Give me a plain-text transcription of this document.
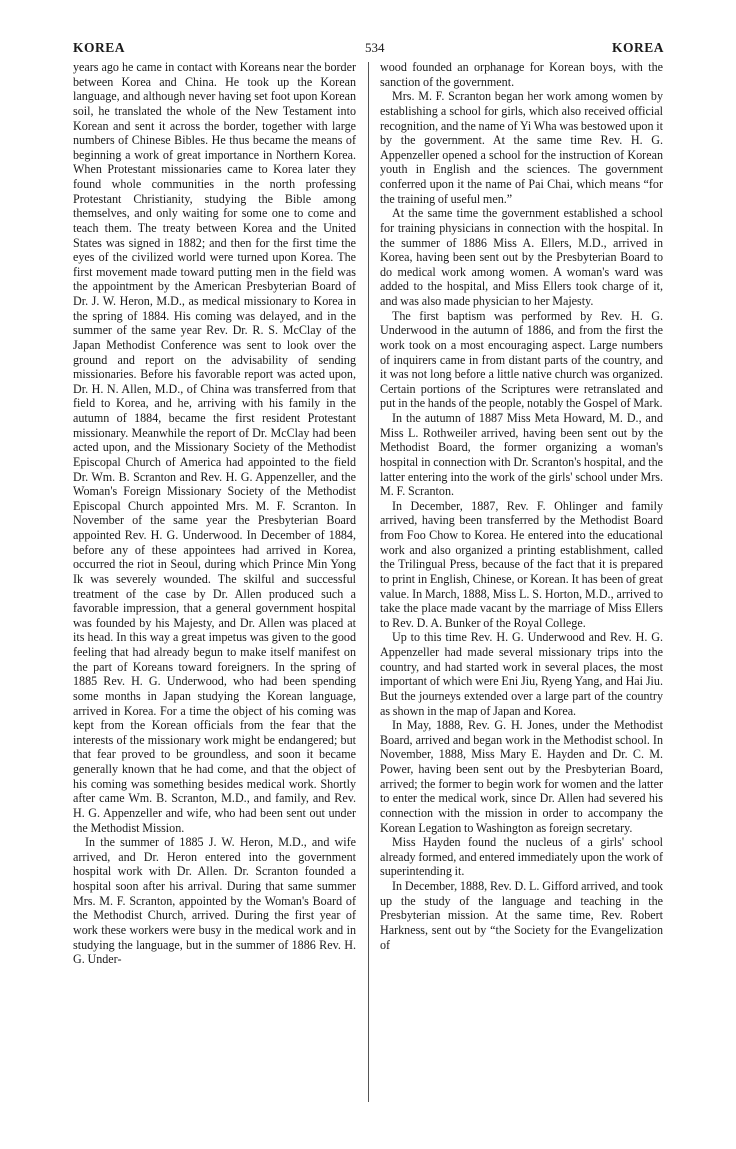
KOREA	534	KOREA

years ago he came in contact with Koreans near the border between Korea and China. He took up the Korean language, and although never having set foot upon Korean soil, he translated the whole of the New Testament into Korean and sent it across the border, together with large numbers of Chinese Bibles. He thus became the means of beginning a work of great importance in Northern Korea. When Protestant missionaries came to Korea later they found whole communities in the north professing Protestant Christianity, studying the Bible among themselves, and only waiting for some one to come and teach them. The treaty between Korea and the United States was signed in 1882; and then for the first time the eyes of the civilized world were turned upon Korea. The first movement made toward putting men in the field was the appointment by the American Presbyterian Board of Dr. J. W. Heron, M.D., as medical missionary to Korea in the spring of 1884. His coming was delayed, and in the summer of the same year Rev. Dr. R. S. McClay of the Japan Methodist Conference was sent to look over the ground and report on the advisability of sending missionaries. Before his favorable report was acted upon, Dr. H. N. Allen, M.D., of China was transferred from that field to Korea, and he, arriving with his family in the autumn of 1884, became the first resident Protestant missionary. Meanwhile the report of Dr. McClay had been acted upon, and the Missionary Society of the Methodist Episcopal Church of America had appointed to the field Dr. Wm. B. Scranton and Rev. H. G. Appenzeller, and the Woman's Foreign Missionary Society of the Methodist Episcopal Church appointed Mrs. M. F. Scranton. In November of the same year the Presbyterian Board appointed Rev. H. G. Underwood. In December of 1884, before any of these appointees had arrived in Korea, occurred the riot in Seoul, during which Prince Min Yong Ik was severely wounded. The skilful and successful treatment of the case by Dr. Allen produced such a favorable impression, that a general government hospital was founded by his Majesty, and Dr. Allen was placed at its head. In this way a great impetus was given to the good feeling that had already begun to make itself manifest on the part of Koreans toward foreigners. In the spring of 1885 Rev. H. G. Underwood, who had been spending some months in Japan studying the Korean language, arrived in Korea. For a time the object of his coming was kept from the Korean officials from the fear that the interests of the missionary work might be endangered; but that fear proved to be groundless, and soon it became generally known that he had come, and that the object of his coming was something besides medical work. Shortly after came Wm. B. Scranton, M.D., and family, and Rev. H. G. Appenzeller and wife, who had been sent out under the Methodist Mission.

In the summer of 1885 J. W. Heron, M.D., and wife arrived, and Dr. Heron entered into the government hospital work with Dr. Allen. Dr. Scranton founded a hospital soon after his arrival. During that same summer Mrs. M. F. Scranton, appointed by the Woman's Board of the Methodist Church, arrived. During the first year of work these workers were busy in the medical work and in studying the language, but in the summer of 1886 Rev. H. G. Under-

wood founded an orphanage for Korean boys, with the sanction of the government.

Mrs. M. F. Scranton began her work among women by establishing a school for girls, which also received official recognition, and the name of Yi Wha was bestowed upon it by the government. At the same time Rev. H. G. Appenzeller opened a school for the instruction of Korean youth in English and the sciences. The government conferred upon it the name of Pai Chai, which means “for the training of useful men.”

At the same time the government established a school for training physicians in connection with the hospital. In the summer of 1886 Miss A. Ellers, M.D., arrived in Korea, having been sent out by the Presbyterian Board to do medical work among women. A woman's ward was added to the hospital, and Miss Ellers took charge of it, and was also made physician to her Majesty.

The first baptism was performed by Rev. H. G. Underwood in the autumn of 1886, and from the first the work took on a most encouraging aspect. Large numbers of inquirers came in from distant parts of the country, and it was not long before a little native church was organized. Certain portions of the Scriptures were retranslated and put in the hands of the people, notably the Gospel of Mark.

In the autumn of 1887 Miss Meta Howard, M. D., and Miss L. Rothweiler arrived, having been sent out by the Methodist Board, the former organizing a woman's hospital in connection with Dr. Scranton's hospital, and the latter entering into the work of the girls' school under Mrs. M. F. Scranton.

In December, 1887, Rev. F. Ohlinger and family arrived, having been transferred by the Methodist Board from Foo Chow to Korea. He entered into the educational work and also organized a printing establishment, called the Trilingual Press, because of the fact that it is prepared to print in English, Chinese, or Korean. It has been of great value. In March, 1888, Miss L. S. Horton, M.D., arrived to take the place made vacant by the marriage of Miss Ellers to Rev. D. A. Bunker of the Royal College.

Up to this time Rev. H. G. Underwood and Rev. H. G. Appenzeller had made several missionary trips into the country, and had started work in several places, the most important of which were Eni Jiu, Ryeng Yang, and Hai Jiu. But the journeys extended over a large part of the country as shown in the map of Japan and Korea.

In May, 1888, Rev. G. H. Jones, under the Methodist Board, arrived and began work in the Methodist school. In November, 1888, Miss Mary E. Hayden and Dr. C. M. Power, having been sent out by the Presbyterian Board, arrived; the former to begin work for women and the latter to enter the medical work, since Dr. Allen had severed his connection with the mission in order to accompany the Korean Legation to Washington as foreign secretary.

Miss Hayden found the nucleus of a girls' school already formed, and entered immediately upon the work of superintending it.

In December, 1888, Rev. D. L. Gifford arrived, and took up the study of the language and teaching in the Presbyterian mission. At the same time, Rev. Robert Harkness, sent out by “the Society for the Evangelization of
